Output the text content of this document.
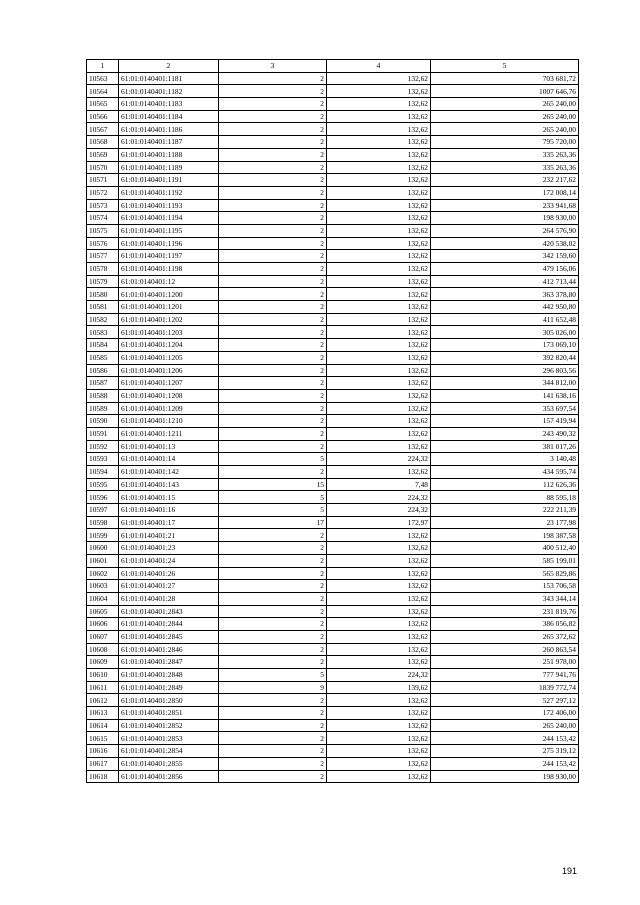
1	2	3	4	5
10563	61:01:0140401:1181	2	132,62	703 681,72
10564	61:01:0140401:1182	2	132,62	1007 646,76
10565	61:01:0140401:1183	2	132,62	265 240,00
10566	61:01:0140401:1184	2	132,62	265 240,00
10567	61:01:0140401:1186	2	132,62	265 240,00
10568	61:01:0140401:1187	2	132,62	795 720,00
10569	61:01:0140401:1188	2	132,62	335 263,36
10570	61:01:0140401:1189	2	132,62	335 263,36
10571	61:01:0140401:1191	2	132,62	232 217,62
10572	61:01:0140401:1192	2	132,62	172 008,14
10573	61:01:0140401:1193	2	132,62	233 941,68
10574	61:01:0140401:1194	2	132,62	198 930,00
10575	61:01:0140401:1195	2	132,62	264 576,90
10576	61:01:0140401:1196	2	132,62	420 538,02
10577	61:01:0140401:1197	2	132,62	342 159,60
10578	61:01:0140401:1198	2	132,62	479 156,06
10579	61:01:0140401:12	2	132,62	412 713,44
10580	61:01:0140401:1200	2	132,62	363 378,80
10581	61:01:0140401:1201	2	132,62	442 950,80
10582	61:01:0140401:1202	2	132,62	411 652,48
10583	61:01:0140401:1203	2	132,62	305 026,00
10584	61:01:0140401:1204	2	132,62	173 069,10
10585	61:01:0140401:1205	2	132,62	392 820,44
10586	61:01:0140401:1206	2	132,62	296 803,56
10587	61:01:0140401:1207	2	132,62	344 812,00
10588	61:01:0140401:1208	2	132,62	141 638,16
10589	61:01:0140401:1209	2	132,62	353 697,54
10590	61:01:0140401:1210	2	132,62	157 419,94
10591	61:01:0140401:1211	2	132,62	243 490,32
10592	61:01:0140401:13	2	132,62	381 017,26
10593	61:01:0140401:14	5	224,32	3 140,48
10594	61:01:0140401:142	2	132,62	434 595,74
10595	61:01:0140401:143	15	7,48	112 626,36
10596	61:01:0140401:15	5	224,32	88 595,18
10597	61:01:0140401:16	5	224,32	222 211,39
10598	61:01:0140401:17	17	172,97	23 177,98
10599	61:01:0140401:21	2	132,62	198 387,58
10600	61:01:0140401:23	2	132,62	400 512,40
10601	61:01:0140401:24	2	132,62	585 199,01
10602	61:01:0140401:26	2	132,62	565 829,86
10603	61:01:0140401:27	2	132,62	153 706,58
10604	61:01:0140401:28	2	132,62	343 344,14
10605	61:01:0140401:2843	2	132,62	231 819,76
10606	61:01:0140401:2844	2	132,62	386 056,82
10607	61:01:0140401:2845	2	132,62	265 372,62
10608	61:01:0140401:2846	2	132,62	260 863,54
10609	61:01:0140401:2847	2	132,62	251 978,00
10610	61:01:0140401:2848	5	224,32	777 941,76
10611	61:01:0140401:2849	9	139,62	1839 772,74
10612	61:01:0140401:2850	2	132,62	527 297,12
10613	61:01:0140401:2851	2	132,62	172 406,00
10614	61:01:0140401:2852	2	132,62	265 240,00
10615	61:01:0140401:2853	2	132,62	244 153,42
10616	61:01:0140401:2854	2	132,62	275 319,12
10617	61:01:0140401:2855	2	132,62	244 153,42
10618	61:01:0140401:2856	2	132,62	198 930,00
191
